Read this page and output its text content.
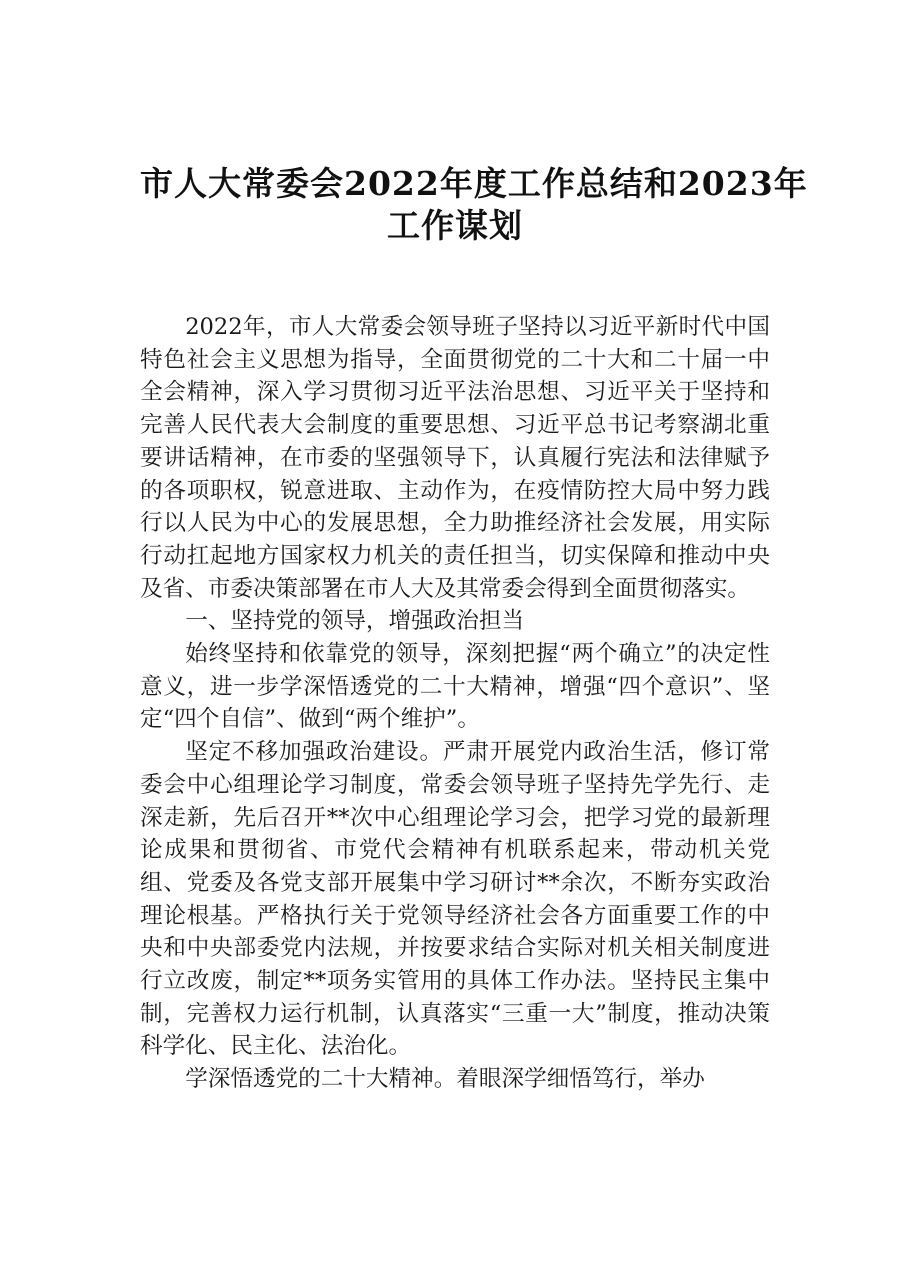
市人大常委会2022年度工作总结和2023年
工作谋划

2022年，市人大常委会领导班子坚持以习近平新时代中国特色社会主义思想为指导，全面贯彻党的二十大和二十届一中全会精神，深入学习贯彻习近平法治思想、习近平关于坚持和完善人民代表大会制度的重要思想、习近平总书记考察湖北重要讲话精神，在市委的坚强领导下，认真履行宪法和法律赋予的各项职权，锐意进取、主动作为，在疫情防控大局中努力践行以人民为中心的发展思想，全力助推经济社会发展，用实际行动扛起地方国家权力机关的责任担当，切实保障和推动中央及省、市委决策部署在市人大及其常委会得到全面贯彻落实。

一、坚持党的领导，增强政治担当

始终坚持和依靠党的领导，深刻把握“两个确立”的决定性意义，进一步学深悟透党的二十大精神，增强“四个意识”、坚定“四个自信”、做到“两个维护”。

坚定不移加强政治建设。严肃开展党内政治生活，修订常委会中心组理论学习制度，常委会领导班子坚持先学先行、走深走新，先后召开**次中心组理论学习会，把学习党的最新理论成果和贯彻省、市党代会精神有机联系起来，带动机关党组、党委及各党支部开展集中学习研讨**余次，不断夯实政治理论根基。严格执行关于党领导经济社会各方面重要工作的中央和中央部委党内法规，并按要求结合实际对机关相关制度进行立改废，制定**项务实管用的具体工作办法。坚持民主集中制，完善权力运行机制，认真落实“三重一大”制度，推动决策科学化、民主化、法治化。

学深悟透党的二十大精神。着眼深学细悟笃行，举办
